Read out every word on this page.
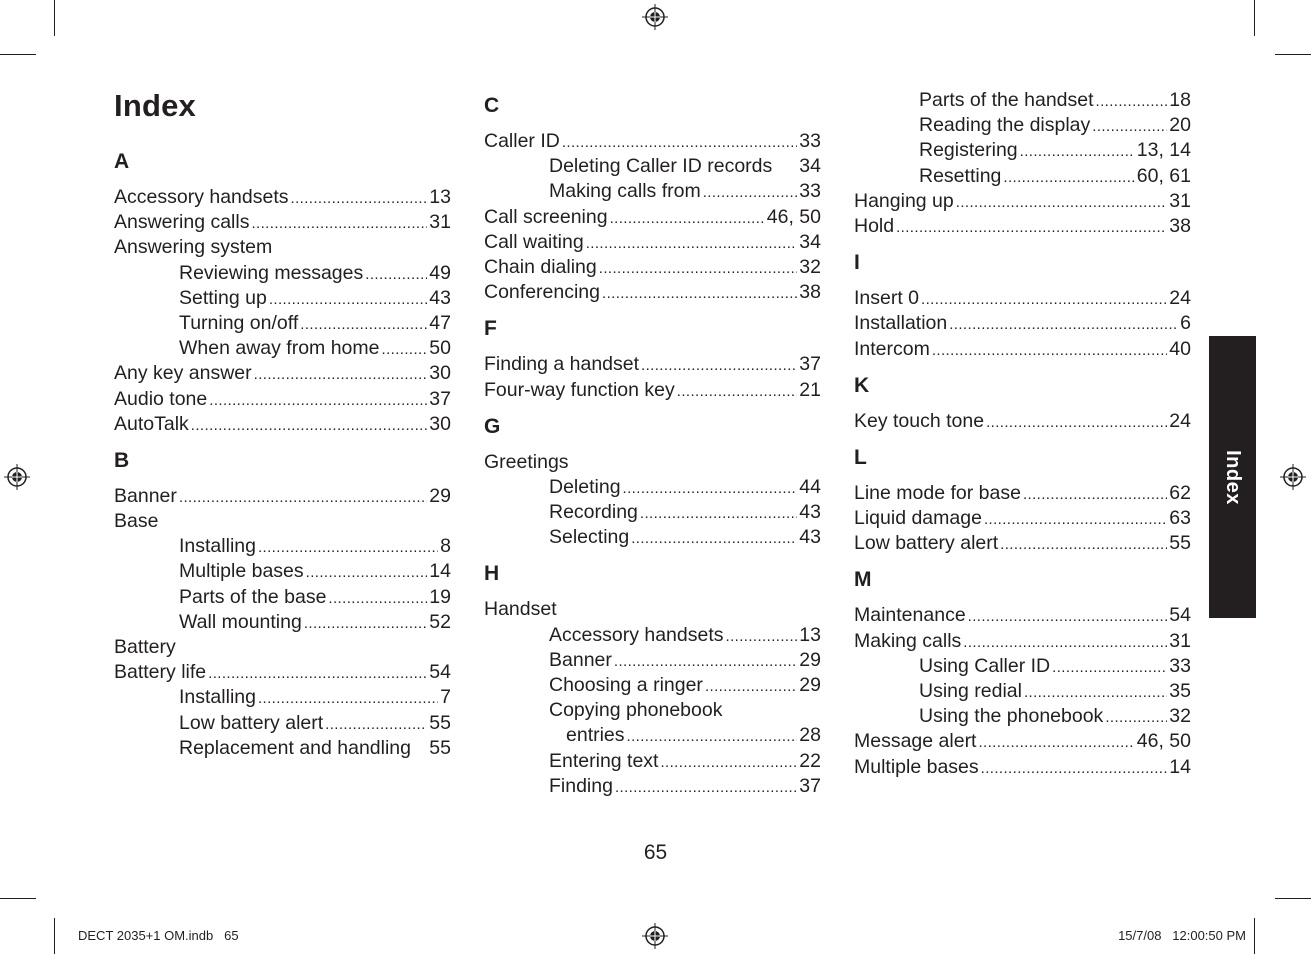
Index
A
Accessory handsets .....	13
Answering calls .....	31
Answering system
Reviewing messages .....	49
Setting up .....	43
Turning on/off .....	47
When away from home .....	50
Any key answer .....	30
Audio tone .....	37
AutoTalk .....	30
B
Banner .....	29
Base
Installing .....	8
Multiple bases .....	14
Parts of the base .....	19
Wall mounting .....	52
Battery
Battery life .....	54
Installing .....	7
Low battery alert .....	55
Replacement and handling 55
C
Caller ID .....	33
Deleting Caller ID records	34
Making calls from .....	33
Call screening .....	46, 50
Call waiting .....	34
Chain dialing .....	32
Conferencing .....	38
F
Finding a handset .....	37
Four-way function key .....	21
G
Greetings
Deleting .....	44
Recording .....	43
Selecting .....	43
H
Handset
Accessory handsets .....	13
Banner .....	29
Choosing a ringer .....	29
Copying phonebook
entries .....	28
Entering text .....	22
Finding .....	37
Parts of the handset .....	18
Reading the display .....	20
Registering .....	13, 14
Resetting .....	60, 61
Hanging up .....	31
Hold .....	38
I
Insert 0 .....	24
Installation .....	6
Intercom .....	40
K
Key touch tone .....	24
L
Line mode for base .....	62
Liquid damage .....	63
Low battery alert .....	55
M
Maintenance .....	54
Making calls .....	31
Using Caller ID .....	33
Using redial .....	35
Using the phonebook .....	32
Message alert .....	46, 50
Multiple bases .....	14
Index
65
DECT 2035+1 OM.indb   65	15/7/08   12:00:50 PM
